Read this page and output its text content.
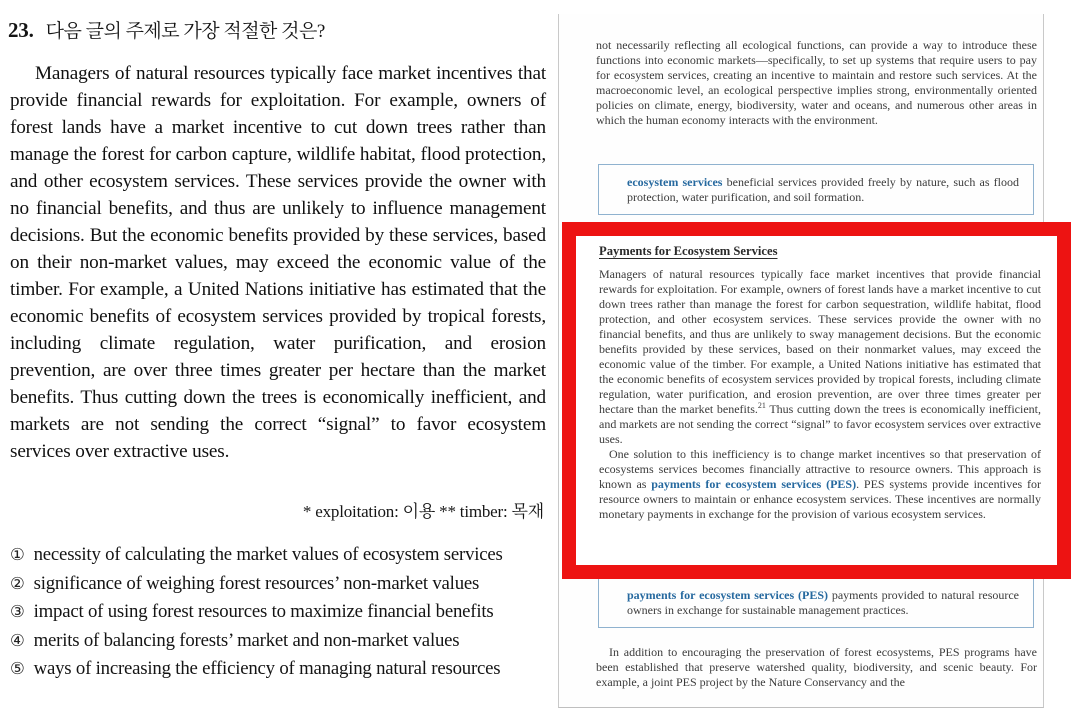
23. 다음 글의 주제로 가장 적절한 것은?
Managers of natural resources typically face market incentives that provide financial rewards for exploitation. For example, owners of forest lands have a market incentive to cut down trees rather than manage the forest for carbon capture, wildlife habitat, flood protection, and other ecosystem services. These services provide the owner with no financial benefits, and thus are unlikely to influence management decisions. But the economic benefits provided by these services, based on their non-market values, may exceed the economic value of the timber. For example, a United Nations initiative has estimated that the economic benefits of ecosystem services provided by tropical forests, including climate regulation, water purification, and erosion prevention, are over three times greater per hectare than the market benefits. Thus cutting down the trees is economically inefficient, and markets are not sending the correct “signal” to favor ecosystem services over extractive uses.
* exploitation: 이용 ** timber: 목재
① necessity of calculating the market values of ecosystem services
② significance of weighing forest resources’ non-market values
③ impact of using forest resources to maximize financial benefits
④ merits of balancing forests’ market and non-market values
⑤ ways of increasing the efficiency of managing natural resources
not necessarily reflecting all ecological functions, can provide a way to introduce these functions into economic markets—specifically, to set up systems that require users to pay for ecosystem services, creating an incentive to maintain and restore such services. At the macroeconomic level, an ecological perspective implies strong, environmentally oriented policies on climate, energy, biodiversity, water and oceans, and numerous other areas in which the human economy interacts with the environment.
ecosystem services beneficial services provided freely by nature, such as flood protection, water purification, and soil formation.
Payments for Ecosystem Services
Managers of natural resources typically face market incentives that provide financial rewards for exploitation. For example, owners of forest lands have a market incentive to cut down trees rather than manage the forest for carbon sequestration, wildlife habitat, flood protection, and other ecosystem services. These services provide the owner with no financial benefits, and thus are unlikely to sway management decisions. But the economic benefits provided by these services, based on their nonmarket values, may exceed the economic value of the timber. For example, a United Nations initiative has estimated that the economic benefits of ecosystem services provided by tropical forests, including climate regulation, water purification, and erosion prevention, are over three times greater per hectare than the market benefits.$^{21}$ Thus cutting down the trees is economically inefficient, and markets are not sending the correct “signal” to favor ecosystem services over extractive uses.
One solution to this inefficiency is to change market incentives so that preservation of ecosystems services becomes financially attractive to resource owners. This approach is known as payments for ecosystem services (PES). PES systems provide incentives for resource owners to maintain or enhance ecosystem services. These incentives are normally monetary payments in exchange for the provision of various ecosystem services.
payments for ecosystem services (PES) payments provided to natural resource owners in exchange for sustainable management practices.
In addition to encouraging the preservation of forest ecosystems, PES programs have been established that preserve watershed quality, biodiversity, and scenic beauty. For example, a joint PES project by the Nature Conservancy and the
